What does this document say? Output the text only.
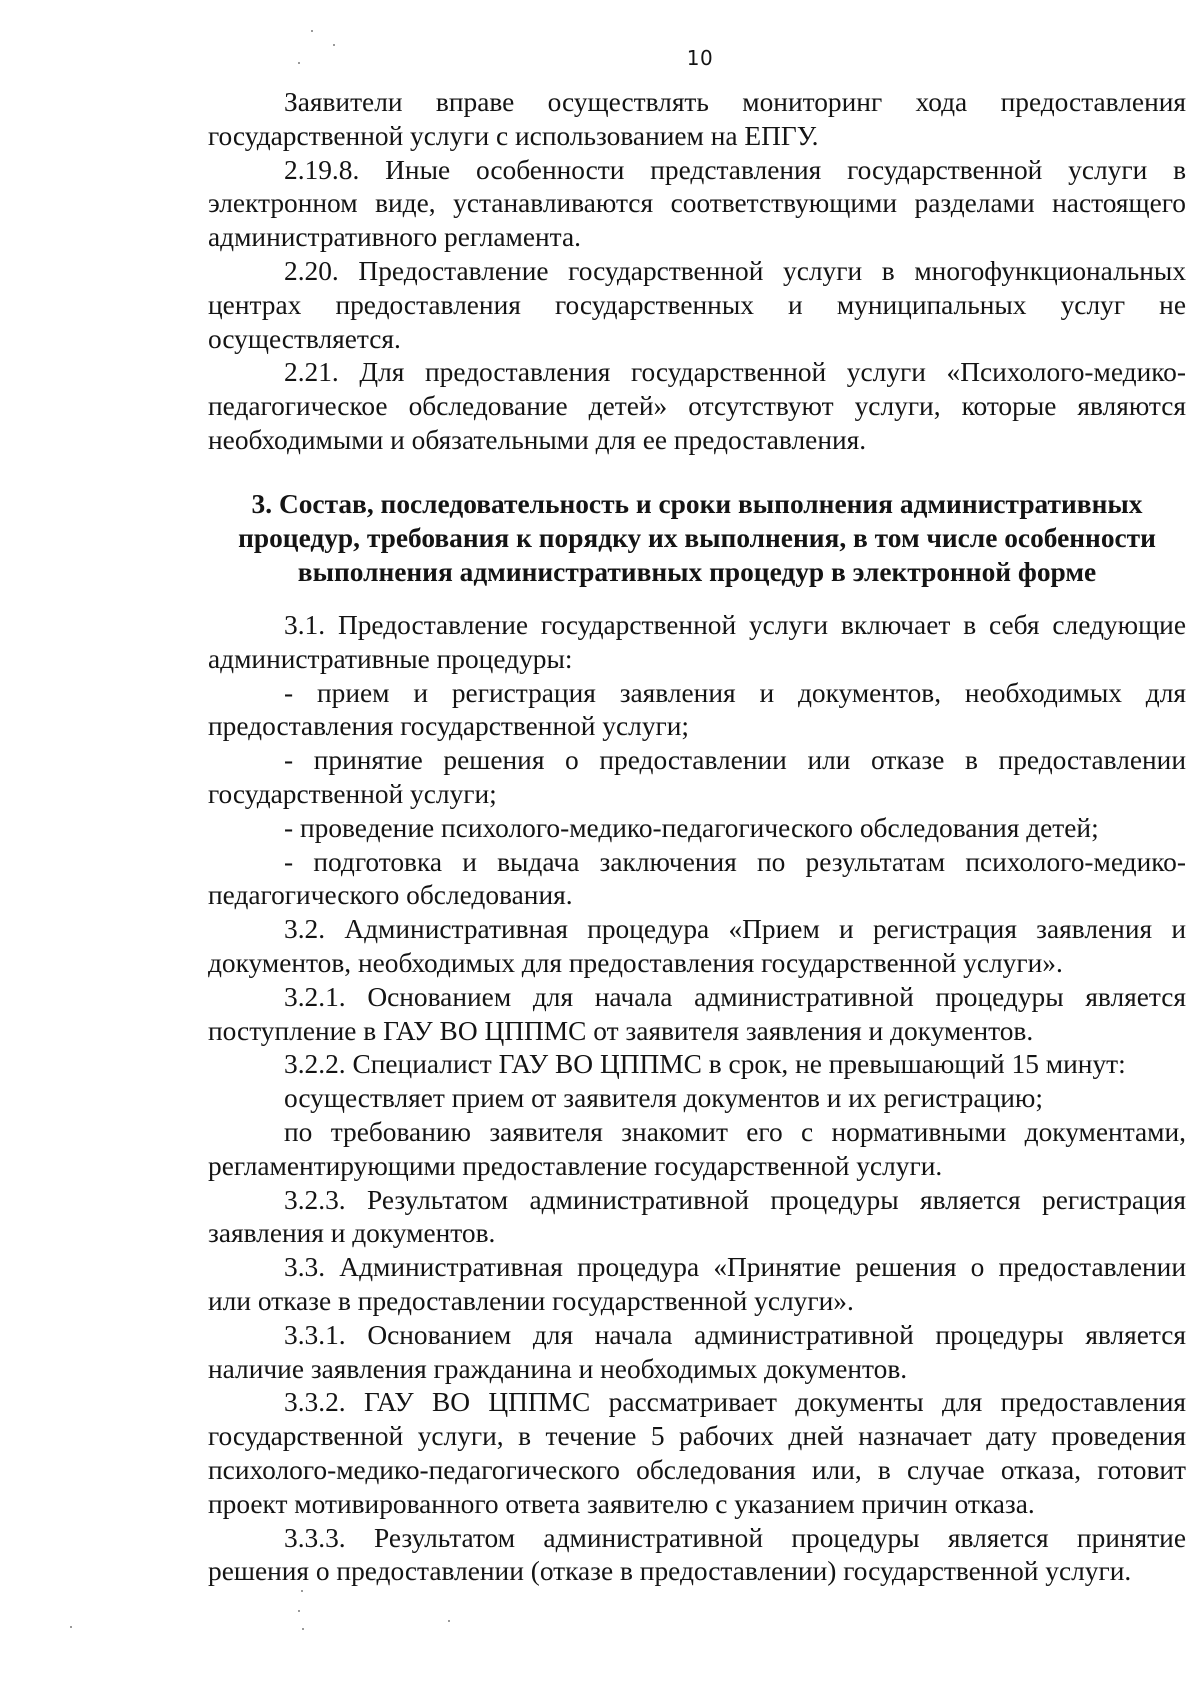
10

Заявители вправе осуществлять мониторинг хода предоставления государственной услуги с использованием на ЕПГУ.

2.19.8. Иные особенности представления государственной услуги в электронном виде, устанавливаются соответствующими разделами настоящего административного регламента.

2.20. Предоставление государственной услуги в многофункциональных центрах предоставления государственных и муниципальных услуг не осуществляется.

2.21. Для предоставления государственной услуги «Психолого-медико-педагогическое обследование детей» отсутствуют услуги, которые являются необходимыми и обязательными для ее предоставления.

3. Состав, последовательность и сроки выполнения административных процедур, требования к порядку их выполнения, в том числе особенности выполнения административных процедур в электронной форме

3.1. Предоставление государственной услуги включает в себя следующие административные процедуры:

- прием и регистрация заявления и документов, необходимых для предоставления государственной услуги;

- принятие решения о предоставлении или отказе в предоставлении государственной услуги;

- проведение психолого-медико-педагогического обследования детей;

- подготовка и выдача заключения по результатам психолого-медико-педагогического обследования.

3.2. Административная процедура «Прием и регистрация заявления и документов, необходимых для предоставления государственной услуги».

3.2.1. Основанием для начала административной процедуры является поступление в ГАУ ВО ЦППМС от заявителя заявления и документов.

3.2.2. Специалист ГАУ ВО ЦППМС в срок, не превышающий 15 минут:

осуществляет прием от заявителя документов и их регистрацию;

по требованию заявителя знакомит его с нормативными документами, регламентирующими предоставление государственной услуги.

3.2.3. Результатом административной процедуры является регистрация заявления и документов.

3.3. Административная процедура «Принятие решения о предоставлении или отказе в предоставлении государственной услуги».

3.3.1. Основанием для начала административной процедуры является наличие заявления гражданина и необходимых документов.

3.3.2. ГАУ ВО ЦППМС рассматривает документы для предоставления государственной услуги, в течение 5 рабочих дней назначает дату проведения психолого-медико-педагогического обследования или, в случае отказа, готовит проект мотивированного ответа заявителю с указанием причин отказа.

3.3.3. Результатом административной процедуры является принятие решения о предоставлении (отказе в предоставлении) государственной услуги.
